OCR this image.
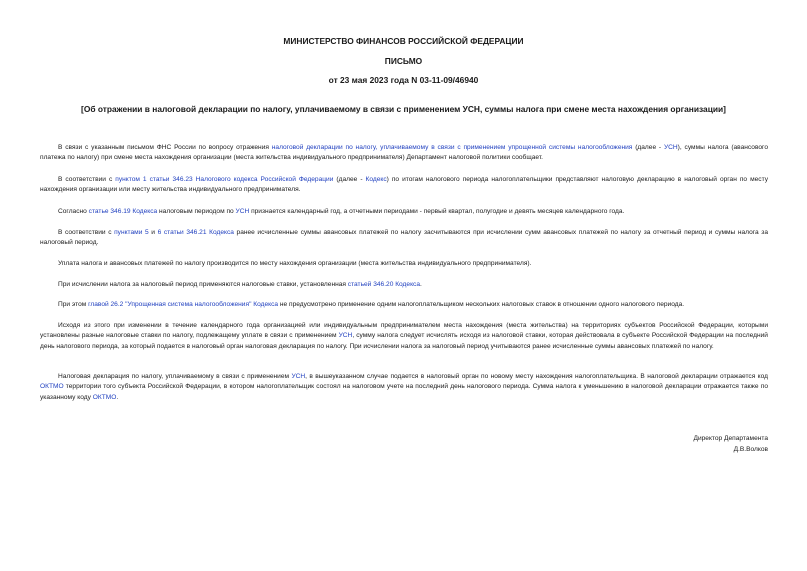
МИНИСТЕРСТВО ФИНАНСОВ РОССИЙСКОЙ ФЕДЕРАЦИИ
ПИСЬМО
от 23 мая 2023 года N 03-11-09/46940
[Об отражении в налоговой декларации по налогу, уплачиваемому в связи с применением УСН, суммы налога при смене места нахождения организации]

В связи с указанным письмом ФНС России по вопросу отражения налоговой декларации по налогу, уплачиваемому в связи с применением упрощенной системы налогообложения (далее - УСН), суммы налога (авансового платежа по налогу) при смене места нахождения организации (места жительства индивидуального предпринимателя) Департамент налоговой политики сообщает.

В соответствии с пунктом 1 статьи 346.23 Налогового кодекса Российской Федерации (далее - Кодекс) по итогам налогового периода налогоплательщики представляют налоговую декларацию в налоговый орган по месту нахождения организации или месту жительства индивидуального предпринимателя.

Согласно статье 346.19 Кодекса налоговым периодом по УСН признается календарный год, а отчетными периодами - первый квартал, полугодие и девять месяцев календарного года.

В соответствии с пунктами 5 и 6 статьи 346.21 Кодекса ранее исчисленные суммы авансовых платежей по налогу засчитываются при исчислении сумм авансовых платежей по налогу за отчетный период и суммы налога за налоговый период.

Уплата налога и авансовых платежей по налогу производится по месту нахождения организации (места жительства индивидуального предпринимателя).

При исчислении налога за налоговый период применяются налоговые ставки, установленная статьей 346.20 Кодекса.

При этом главой 26.2 "Упрощенная система налогообложения" Кодекса не предусмотрено применение одним налогоплательщиком нескольких налоговых ставок в отношении одного налогового периода.

Исходя из этого при изменении в течение календарного года организацией или индивидуальным предпринимателем места нахождения (места жительства) на территориях субъектов Российской Федерации, которыми установлены разные налоговые ставки по налогу, подлежащему уплате в связи с применением УСН, сумму налога следует исчислять исходя из налоговой ставки, которая действовала в субъекте Российской Федерации на последний день налогового периода, за который подается в налоговый орган налоговая декларация по налогу. При исчислении налога за налоговый период учитываются ранее исчисленные суммы авансовых платежей по налогу.

Налоговая декларация по налогу, уплачиваемому в связи с применением УСН, в вышеуказанном случае подается в налоговый орган по новому месту нахождения налогоплательщика. В налоговой декларации отражается код ОКТМО территории того субъекта Российской Федерации, в котором налогоплательщик состоял на налоговом учете на последний день налогового периода. Сумма налога к уменьшению в налоговой декларации отражается также по указанному коду ОКТМО.

Директор Департамента
Д.В.Волков
